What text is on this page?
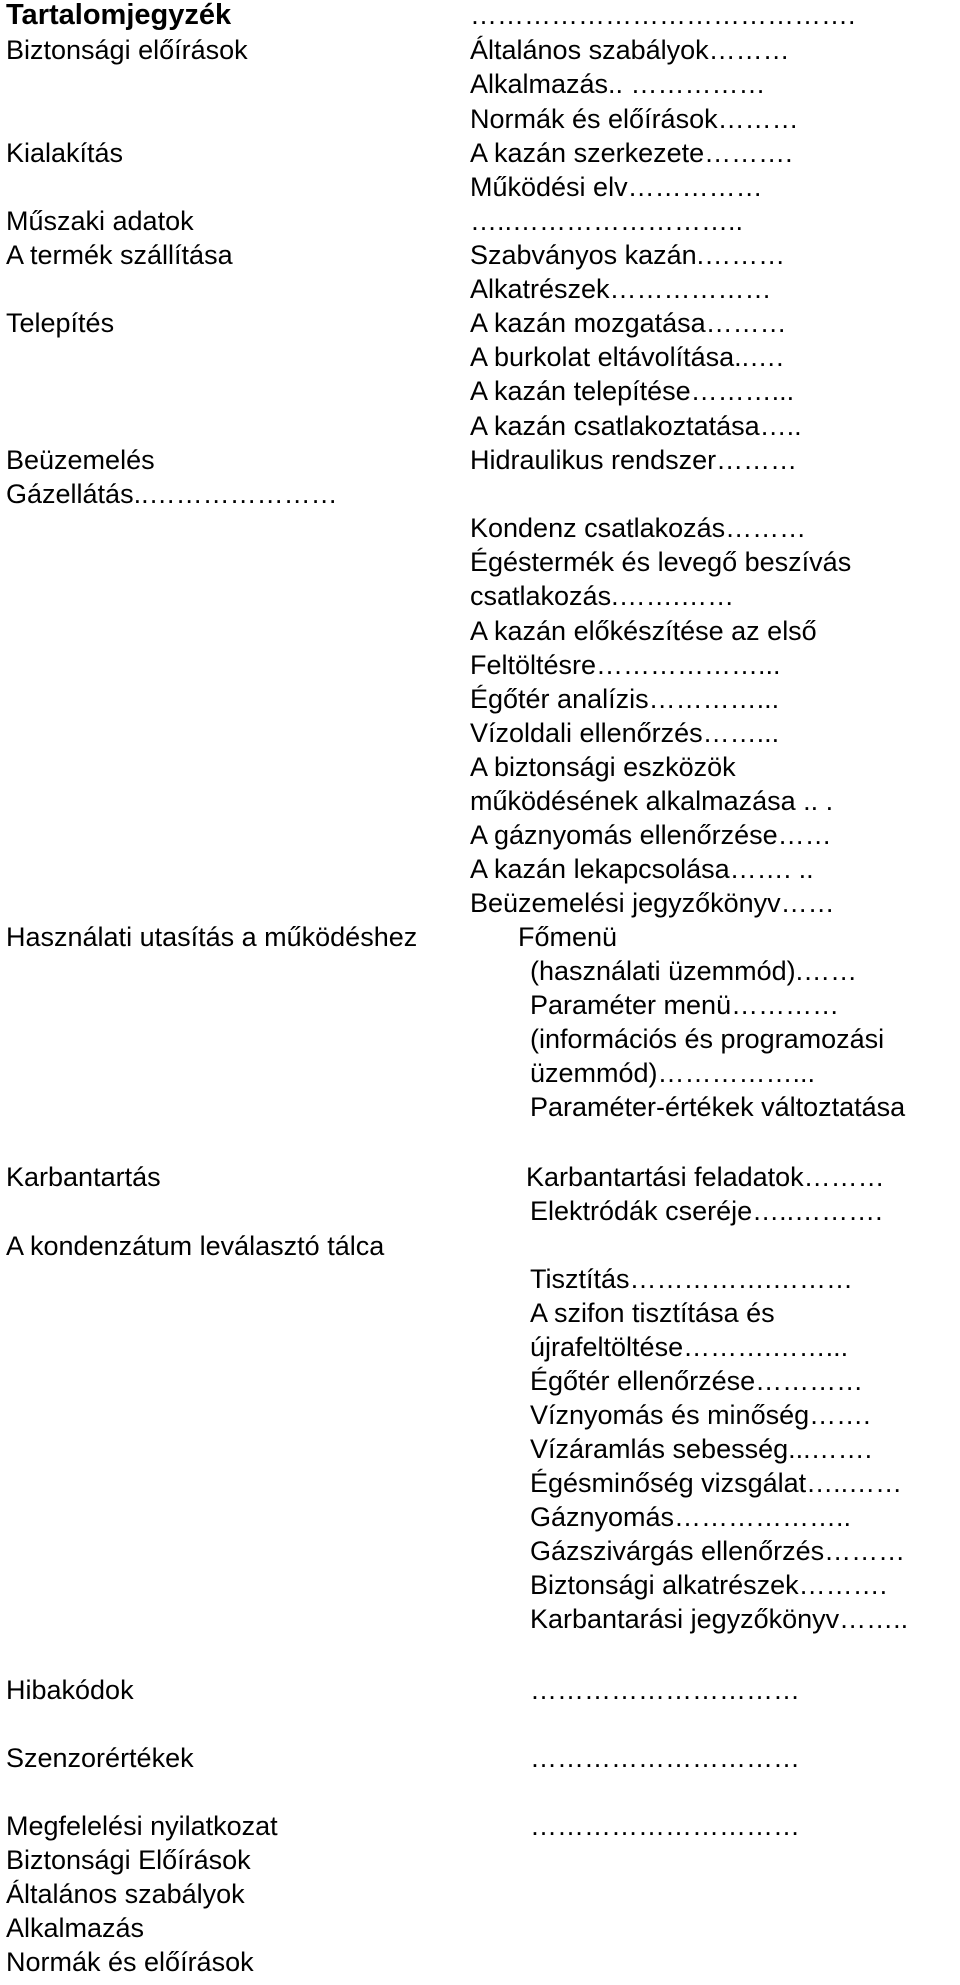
Tartalomjegyzék
Biztonsági előírások
Kialakítás
Műszaki adatok
A termék szállítása
Telepítés
Beüzemelés
Gázellátás..…………………
Használati utasítás a működéshez
Karbantartás
A kondenzátum leválasztó tálca
Hibakódok
Szenzorértékek
Megfelelési nyilatkozat
Biztonsági Előírások
Általános szabályok
Alkalmazás
Normák és előírások
…………………………………….
Általános szabályok………
Alkalmazás.. ……………
Normák és előírások………
A kazán szerkezete……….
Működési elv……………
…..……………………..
Szabványos kazán.………
Alkatrészek………………
A kazán mozgatása………
A burkolat eltávolítása..….
A kazán telepítése………...
A kazán csatlakoztatása…..
Hidraulikus rendszer………
Kondenz csatlakozás………
Égéstermék és levegő beszívás
csatlakozás.…….……
A kazán előkészítése az első
Feltöltésre………………...
Égőtér analízis…………...
Vízoldali ellenőrzés……...
A biztonsági eszközök
működésének alkalmazása .. .
A gáznyomás ellenőrzése……
A kazán lekapcsolása……. ..
Beüzemelési jegyzőkönyv……
Főmenü
(használati üzemmód).……
Paraméter menü…………
(információs és programozási
üzemmód)……………...
Paraméter-értékek változtatása
Karbantartási feladatok………
Elektródák cseréje…..……….
Tisztítás…………….………
A szifon tisztítása és
újrafeltöltése……….……...
Égőtér ellenőrzése…………
Víznyomás és minőség…….
Vízáramlás sebesség...…….
Égésminőség vizsgálat…..……
Gáznyomás………………..
Gázszivárgás ellenőrzés………
Biztonsági alkatrészek……….
Karbantarási jegyzőkönyv……..
…………………………
…………………………
…………………………
